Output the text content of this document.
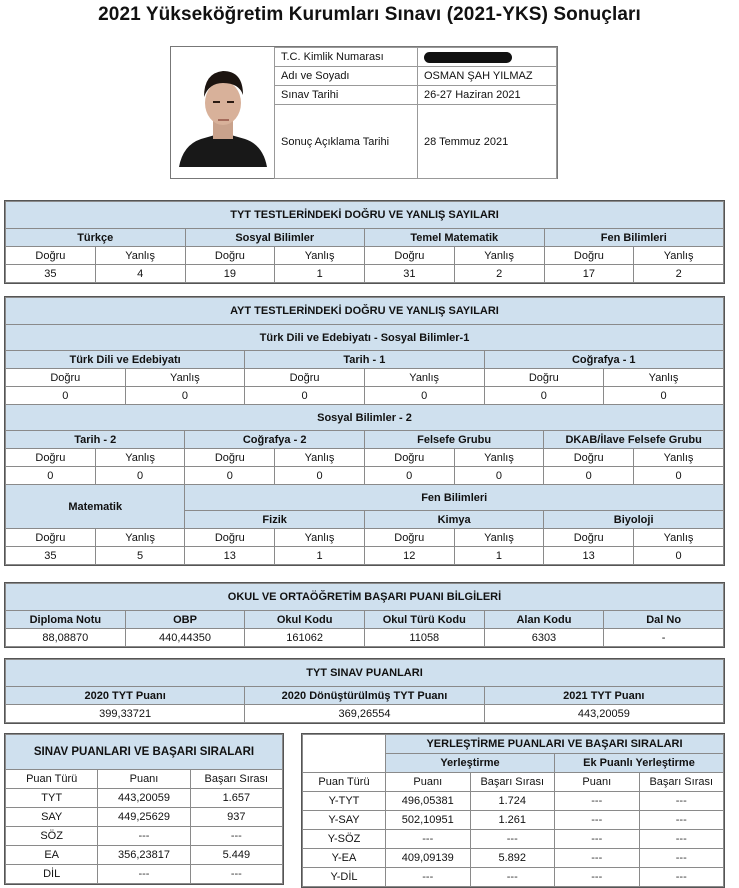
2021 Yükseköğretim Kurumları Sınavı (2021-YKS) Sonuçları
T.C. Kimlik Numarası	
Adı ve Soyadı	OSMAN ŞAH YILMAZ
Sınav Tarihi	26-27 Haziran 2021
Sonuç Açıklama Tarihi	28 Temmuz 2021
TYT TESTLERİNDEKİ DOĞRU VE YANLIŞ SAYILARI							
Türkçe		Sosyal Bilimler		Temel Matematik		Fen Bilimleri	
Doğru	Yanlış	Doğru	Yanlış	Doğru	Yanlış	Doğru	Yanlış
35	4	19	1	31	2	17	2
AYT TESTLERİNDEKİ DOĞRU VE YANLIŞ SAYILARI											
Türk Dili ve Edebiyatı - Sosyal Bilimler-1											
Türk Dili ve Edebiyatı				Tarih - 1				Coğrafya - 1			
Doğru		Yanlış		Doğru		Yanlış		Doğru		Yanlış	
0		0		0		0		0		0	
Sosyal Bilimler - 2											
Tarih - 2			Coğrafya - 2			Felsefe Grubu			DKAB/İlave Felsefe Grubu		
Doğru	Yanlış		Doğru		Yanlış	Doğru	Yanlış		Doğru		Yanlış
0	0		0		0	0	0		0		0
Matematik			Fen Bilimleri								
			Fizik			Kimya			Biyoloji		
Doğru	Yanlış		Doğru		Yanlış	Doğru	Yanlış		Doğru		Yanlış
35	5		13		1	12	1		13		0
OKUL VE ORTAÖĞRETİM BAŞARI PUANI BİLGİLERİ					
Diploma Notu	OBP	Okul Kodu	Okul Türü Kodu	Alan Kodu	Dal No
88,08870	440,44350	161062	11058	6303	-
TYT SINAV PUANLARI		
2020 TYT Puanı	2020 Dönüştürülmüş TYT Puanı	2021 TYT Puanı
399,33721	369,26554	443,20059
SINAV PUANLARI VE BAŞARI SIRALARI		
Puan Türü	Puanı	Başarı Sırası
TYT	443,20059	1.657
SAY	449,25629	937
SÖZ	---	---
EA	356,23817	5.449
DİL	---	---
	YERLEŞTİRME PUANLARI VE BAŞARI SIRALARI			
	Yerleştirme		Ek Puanlı Yerleştirme	
Puan Türü	Puanı	Başarı Sırası	Puanı	Başarı Sırası
Y-TYT	496,05381	1.724	---	---
Y-SAY	502,10951	1.261	---	---
Y-SÖZ	---	---	---	---
Y-EA	409,09139	5.892	---	---
Y-DİL	---	---	---	---
